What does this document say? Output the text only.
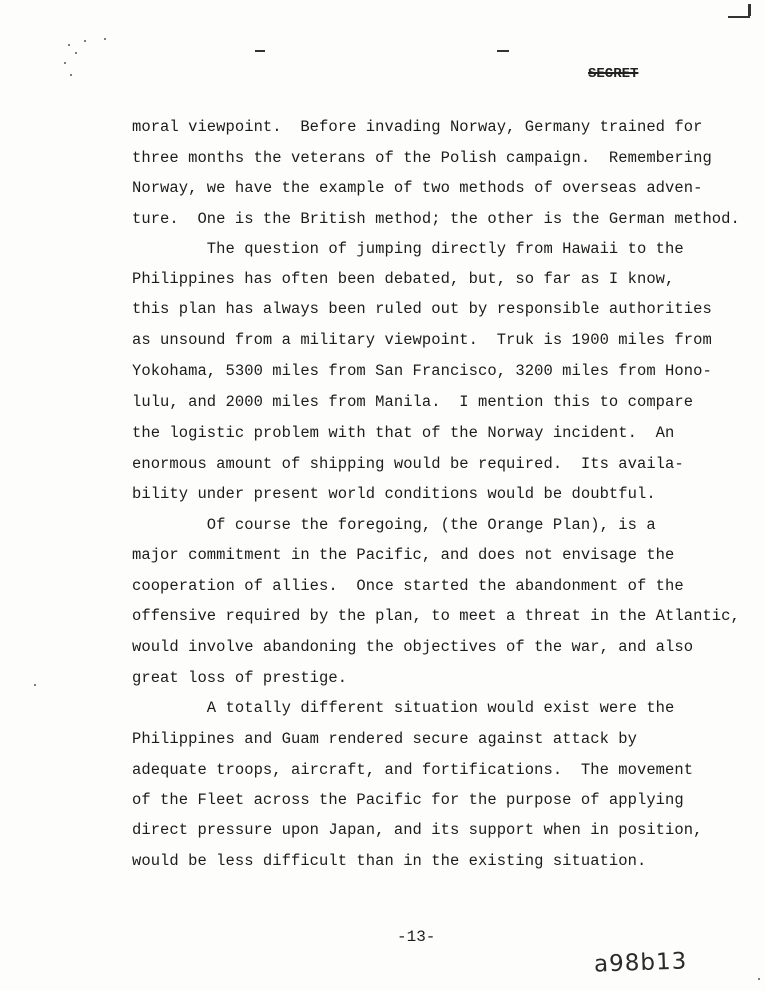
SECRET
moral viewpoint.  Before invading Norway, Germany trained for
three months the veterans of the Polish campaign.  Remembering
Norway, we have the example of two methods of overseas adven-
ture.  One is the British method; the other is the German method.
The question of jumping directly from Hawaii to the
Philippines has often been debated, but, so far as I know,
this plan has always been ruled out by responsible authorities
as unsound from a military viewpoint.  Truk is 1900 miles from
Yokohama, 5300 miles from San Francisco, 3200 miles from Hono-
lulu, and 2000 miles from Manila.  I mention this to compare
the logistic problem with that of the Norway incident.  An
enormous amount of shipping would be required.  Its availa-
bility under present world conditions would be doubtful.
Of course the foregoing, (the Orange Plan), is a
major commitment in the Pacific, and does not envisage the
cooperation of allies.  Once started the abandonment of the
offensive required by the plan, to meet a threat in the Atlantic,
would involve abandoning the objectives of the war, and also
great loss of prestige.
A totally different situation would exist were the
Philippines and Guam rendered secure against attack by
adequate troops, aircraft, and fortifications.  The movement
of the Fleet across the Pacific for the purpose of applying
direct pressure upon Japan, and its support when in position,
would be less difficult than in the existing situation.
-13-
a98b13
